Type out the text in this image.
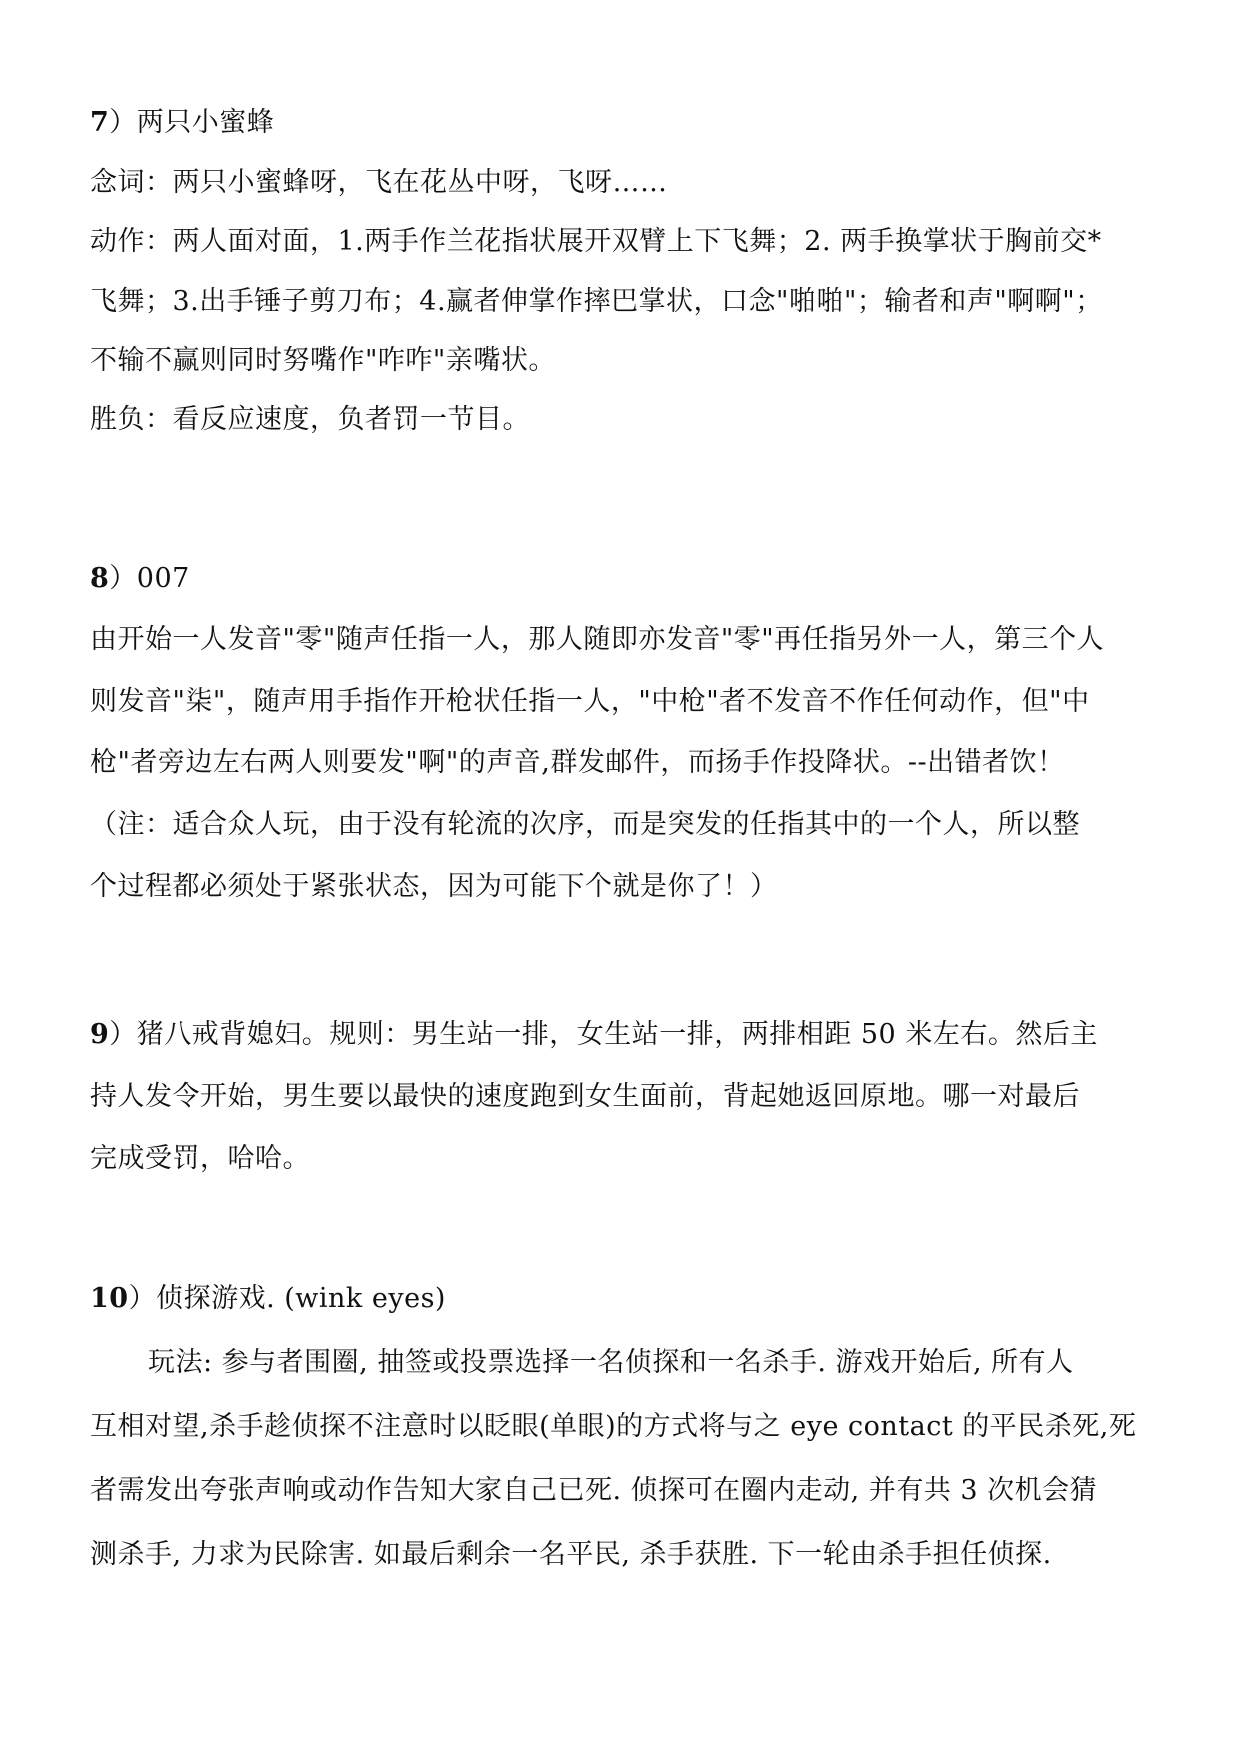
7）两只小蜜蜂
念词：两只小蜜蜂呀，飞在花丛中呀，飞呀……
动作：两人面对面，1.两手作兰花指状展开双臂上下飞舞；2. 两手换掌状于胸前交*
飞舞；3.出手锤子剪刀布；4.赢者伸掌作摔巴掌状，口念"啪啪"；输者和声"啊啊"；
不输不赢则同时努嘴作"咋咋"亲嘴状。
胜负：看反应速度，负者罚一节目。
8）007
由开始一人发音"零"随声任指一人，那人随即亦发音"零"再任指另外一人，第三个人
则发音"柒"，随声用手指作开枪状任指一人，"中枪"者不发音不作任何动作，但"中
枪"者旁边左右两人则要发"啊"的声音,群发邮件，而扬手作投降状。--出错者饮！
（注：适合众人玩，由于没有轮流的次序，而是突发的任指其中的一个人，所以整
个过程都必须处于紧张状态，因为可能下个就是你了！）
9）猪八戒背媳妇。规则：男生站一排，女生站一排，两排相距 50 米左右。然后主
持人发令开始，男生要以最快的速度跑到女生面前，背起她返回原地。哪一对最后
完成受罚，哈哈。
10）侦探游戏. (wink eyes)
玩法: 参与者围圈, 抽签或投票选择一名侦探和一名杀手. 游戏开始后, 所有人
互相对望,杀手趁侦探不注意时以眨眼(单眼)的方式将与之 eye contact 的平民杀死,死
者需发出夸张声响或动作告知大家自己已死. 侦探可在圈内走动, 并有共 3 次机会猜
测杀手, 力求为民除害. 如最后剩余一名平民, 杀手获胜. 下一轮由杀手担任侦探.
